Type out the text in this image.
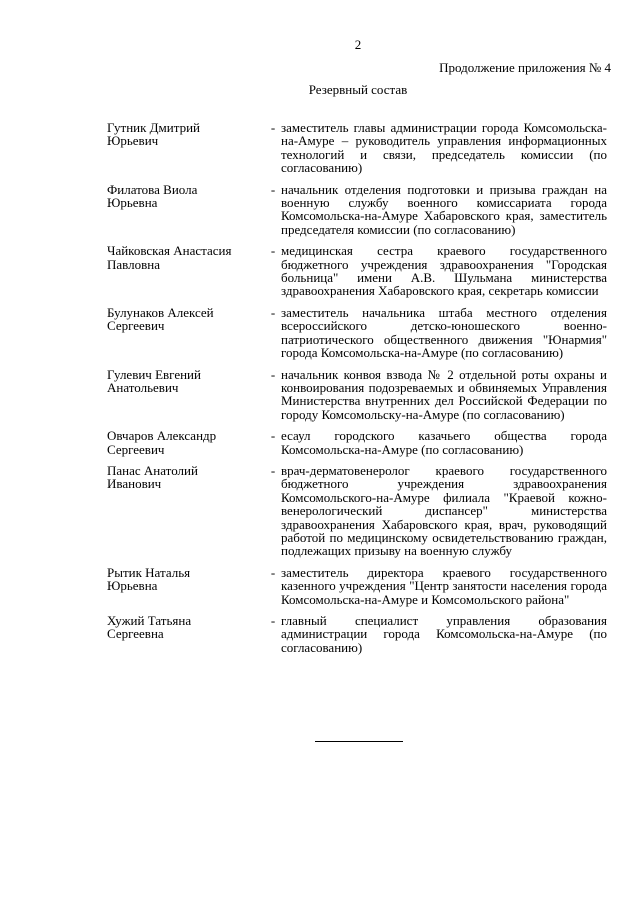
2
Продолжение приложения № 4
Резервный состав
Гутник Дмитрий
Юрьевич
- заместитель главы администрации города Комсомольска-на-Амуре – руководитель управления информационных технологий и связи, председатель комиссии (по согласованию)
Филатова Виола
Юрьевна
- начальник отделения подготовки и призыва граждан на военную службу военного комиссариата города Комсомольска-на-Амуре Хабаровского края, заместитель председателя комиссии (по согласованию)
Чайковская Анастасия
Павловна
- медицинская сестра краевого государственного бюджетного учреждения здравоохранения "Городская больница" имени А.В. Шульмана министерства здравоохранения Хабаровского края, секретарь комиссии
Булунаков Алексей
Сергеевич
- заместитель начальника штаба местного отделения всероссийского детско-юношеского военно-патриотического общественного движения "Юнармия" города Комсомольска-на-Амуре (по согласованию)
Гулевич Евгений
Анатольевич
- начальник конвоя взвода № 2 отдельной роты охраны и конвоирования подозреваемых и обвиняемых Управления Министерства внутренних дел Российской Федерации по городу Комсомольску-на-Амуре (по согласованию)
Овчаров Александр
Сергеевич
- есаул городского казачьего общества города Комсомольска-на-Амуре (по согласованию)
Панас Анатолий
Иванович
- врач-дерматовенеролог краевого государственного бюджетного учреждения здравоохранения Комсомольского-на-Амуре филиала "Краевой кожно-венерологический диспансер" министерства здравоохранения Хабаровского края, врач, руководящий работой по медицинскому освидетельствованию граждан, подлежащих призыву на военную службу
Рытик Наталья
Юрьевна
- заместитель директора краевого государственного казенного учреждения "Центр занятости населения города Комсомольска-на-Амуре и Комсомольского района"
Хужий Татьяна
Сергеевна
- главный специалист управления образования администрации города Комсомольска-на-Амуре (по согласованию)
